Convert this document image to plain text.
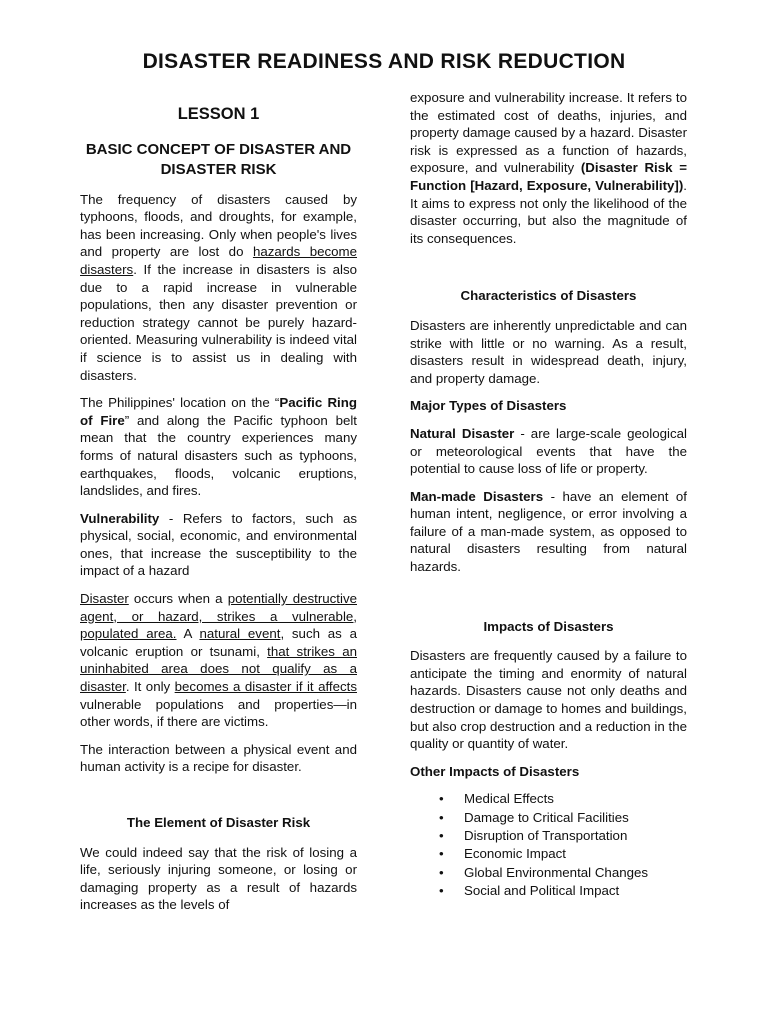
DISASTER READINESS AND RISK REDUCTION
LESSON 1
BASIC CONCEPT OF DISASTER AND DISASTER RISK

The frequency of disasters caused by typhoons, floods, and droughts, for example, has been increasing. Only when people's lives and property are lost do hazards become disasters. If the increase in disasters is also due to a rapid increase in vulnerable populations, then any disaster prevention or reduction strategy cannot be purely hazard-oriented. Measuring vulnerability is indeed vital if science is to assist us in dealing with disasters.

The Philippines' location on the “Pacific Ring of Fire” and along the Pacific typhoon belt mean that the country experiences many forms of natural disasters such as typhoons, earthquakes, floods, volcanic eruptions, landslides, and fires.

Vulnerability - Refers to factors, such as physical, social, economic, and environmental ones, that increase the susceptibility to the impact of a hazard

Disaster occurs when a potentially destructive agent, or hazard, strikes a vulnerable, populated area. A natural event, such as a volcanic eruption or tsunami, that strikes an uninhabited area does not qualify as a disaster. It only becomes a disaster if it affects vulnerable populations and properties—in other words, if there are victims.

The interaction between a physical event and human activity is a recipe for disaster.

The Element of Disaster Risk

We could indeed say that the risk of losing a life, seriously injuring someone, or losing or damaging property as a result of hazards increases as the levels of

exposure and vulnerability increase. It refers to the estimated cost of deaths, injuries, and property damage caused by a hazard. Disaster risk is expressed as a function of hazards, exposure, and vulnerability (Disaster Risk = Function [Hazard, Exposure, Vulnerability]). It aims to express not only the likelihood of the disaster occurring, but also the magnitude of its consequences.

Characteristics of Disasters

Disasters are inherently unpredictable and can strike with little or no warning. As a result, disasters result in widespread death, injury, and property damage.

Major Types of Disasters

Natural Disaster - are large-scale geological or meteorological events that have the potential to cause loss of life or property.

Man-made Disasters - have an element of human intent, negligence, or error involving a failure of a man-made system, as opposed to natural disasters resulting from natural hazards.

Impacts of Disasters

Disasters are frequently caused by a failure to anticipate the timing and enormity of natural hazards. Disasters cause not only deaths and destruction or damage to homes and buildings, but also crop destruction and a reduction in the quality or quantity of water.

Other Impacts of Disasters
• Medical Effects
• Damage to Critical Facilities
• Disruption of Transportation
• Economic Impact
• Global Environmental Changes
• Social and Political Impact
